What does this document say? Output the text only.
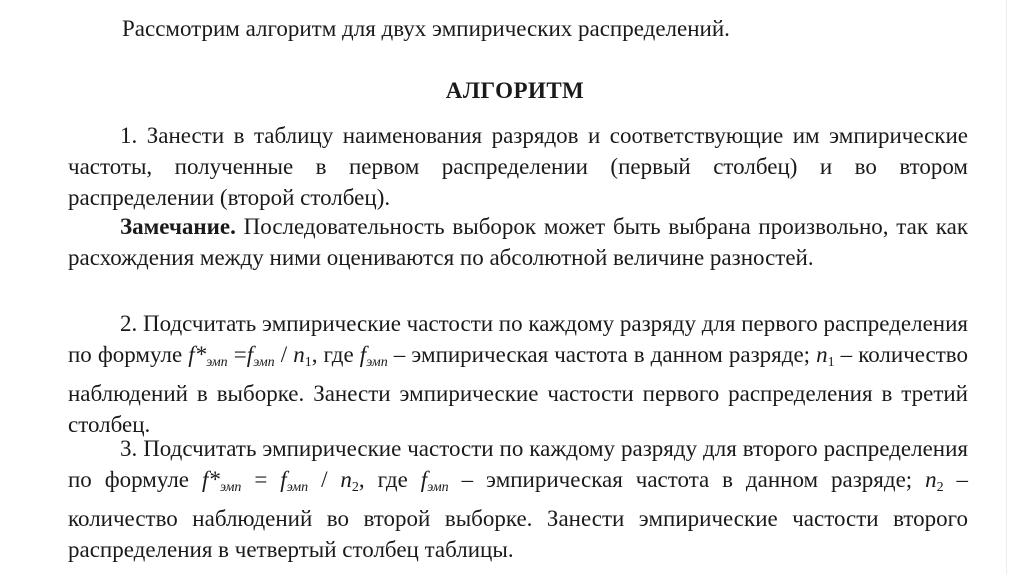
Рассмотрим алгоритм для двух эмпирических распределений.
АЛГОРИТМ

1. Занести в таблицу наименования разрядов и соответствующие им эмпирические частоты, полученные в первом распределении (первый столбец) и во втором распределении (второй столбец).

Замечание. Последовательность выборок может быть выбрана произвольно, так как расхождения между ними оцениваются по абсолютной величине разностей.

2. Подсчитать эмпирические частости по каждому разряду для первого распределения по формуле $f*_{эмп} =f_{эмп} / n1$, где $f_{эмп}$ – эмпирическая частота в данном разряде; n1 – количество наблюдений в выборке. Занести эмпирические частости первого распределения в третий столбец.

3. Подсчитать эмпирические частости по каждому разряду для второго распределения по формуле $f*_{эмп} = f_{эмп} / n2$, где $f_{эмп}$ – эмпирическая частота в данном разряде; n2 – количество наблюдений во второй выборке. Занести эмпирические частости второго распределения в четвертый столбец таблицы.
